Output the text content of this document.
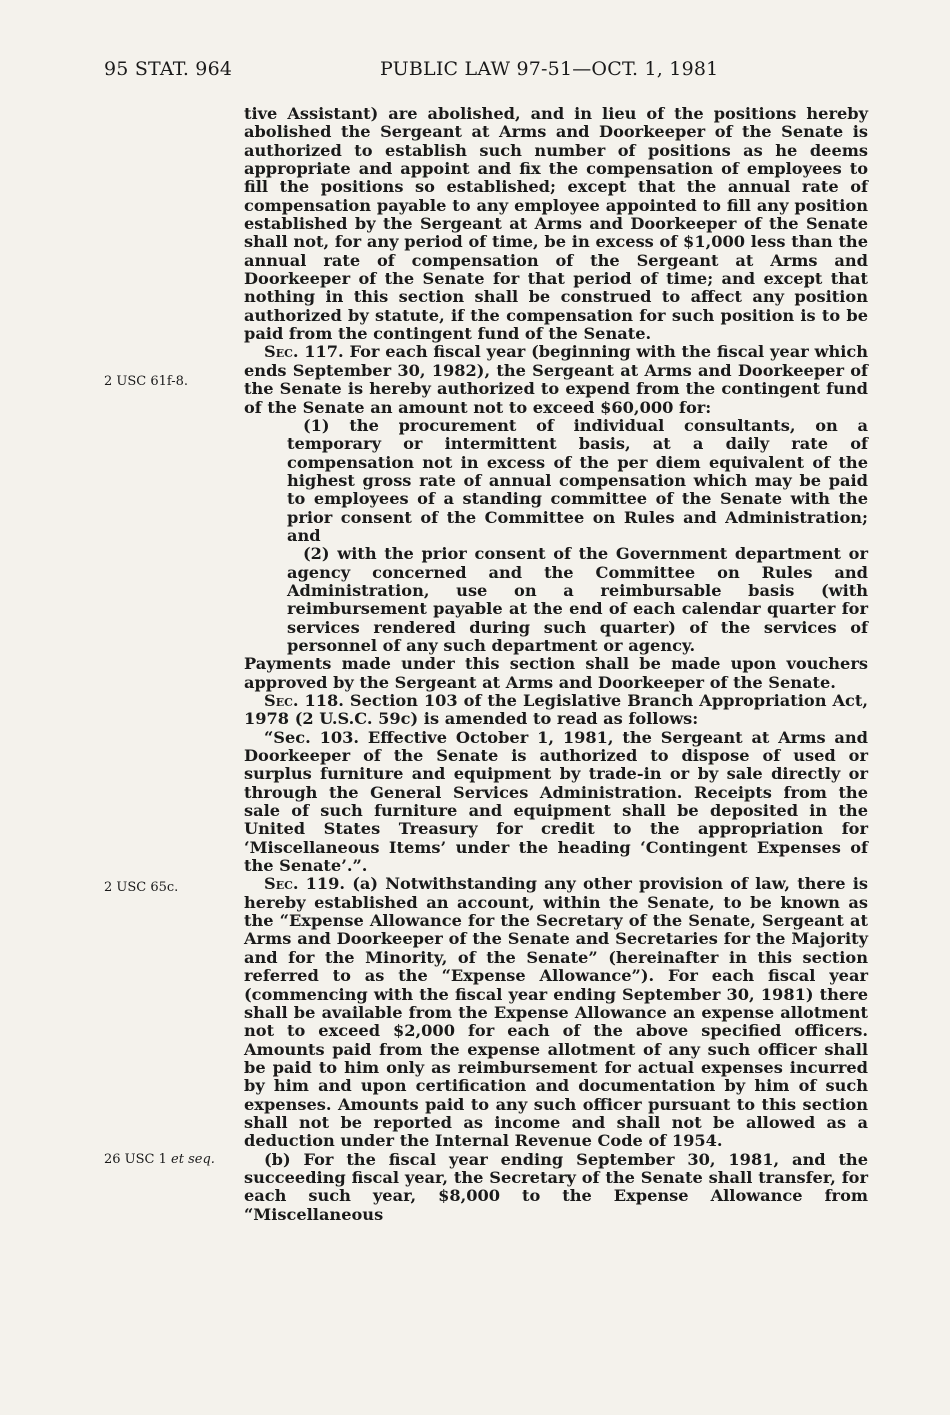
95 STAT. 964	PUBLIC LAW 97-51—OCT. 1, 1981
2 USC 61f-8.
2 USC 65c.
26 USC 1 et seq.

tive Assistant) are abolished, and in lieu of the positions hereby abolished the Sergeant at Arms and Doorkeeper of the Senate is authorized to establish such number of positions as he deems appropriate and appoint and fix the compensation of employees to fill the positions so established; except that the annual rate of compensation payable to any employee appointed to fill any position established by the Sergeant at Arms and Doorkeeper of the Senate shall not, for any period of time, be in excess of $1,000 less than the annual rate of compensation of the Sergeant at Arms and Doorkeeper of the Senate for that period of time; and except that nothing in this section shall be construed to affect any position authorized by statute, if the compensation for such position is to be paid from the contingent fund of the Senate.

Sec. 117. For each fiscal year (beginning with the fiscal year which ends September 30, 1982), the Sergeant at Arms and Doorkeeper of the Senate is hereby authorized to expend from the contingent fund of the Senate an amount not to exceed $60,000 for:

(1) the procurement of individual consultants, on a temporary or intermittent basis, at a daily rate of compensation not in excess of the per diem equivalent of the highest gross rate of annual compensation which may be paid to employees of a standing committee of the Senate with the prior consent of the Committee on Rules and Administration; and

(2) with the prior consent of the Government department or agency concerned and the Committee on Rules and Administration, use on a reimbursable basis (with reimbursement payable at the end of each calendar quarter for services rendered during such quarter) of the services of personnel of any such department or agency.

Payments made under this section shall be made upon vouchers approved by the Sergeant at Arms and Doorkeeper of the Senate.

Sec. 118. Section 103 of the Legislative Branch Appropriation Act, 1978 (2 U.S.C. 59c) is amended to read as follows:

“Sec. 103. Effective October 1, 1981, the Sergeant at Arms and Doorkeeper of the Senate is authorized to dispose of used or surplus furniture and equipment by trade-in or by sale directly or through the General Services Administration. Receipts from the sale of such furniture and equipment shall be deposited in the United States Treasury for credit to the appropriation for ‘Miscellaneous Items’ under the heading ‘Contingent Expenses of the Senate’.”.

Sec. 119. (a) Notwithstanding any other provision of law, there is hereby established an account, within the Senate, to be known as the “Expense Allowance for the Secretary of the Senate, Sergeant at Arms and Doorkeeper of the Senate and Secretaries for the Majority and for the Minority, of the Senate” (hereinafter in this section referred to as the “Expense Allowance”). For each fiscal year (commencing with the fiscal year ending September 30, 1981) there shall be available from the Expense Allowance an expense allotment not to exceed $2,000 for each of the above specified officers. Amounts paid from the expense allotment of any such officer shall be paid to him only as reimbursement for actual expenses incurred by him and upon certification and documentation by him of such expenses. Amounts paid to any such officer pursuant to this section shall not be reported as income and shall not be allowed as a deduction under the Internal Revenue Code of 1954.

(b) For the fiscal year ending September 30, 1981, and the succeeding fiscal year, the Secretary of the Senate shall transfer, for each such year, $8,000 to the Expense Allowance from “Miscellaneous
